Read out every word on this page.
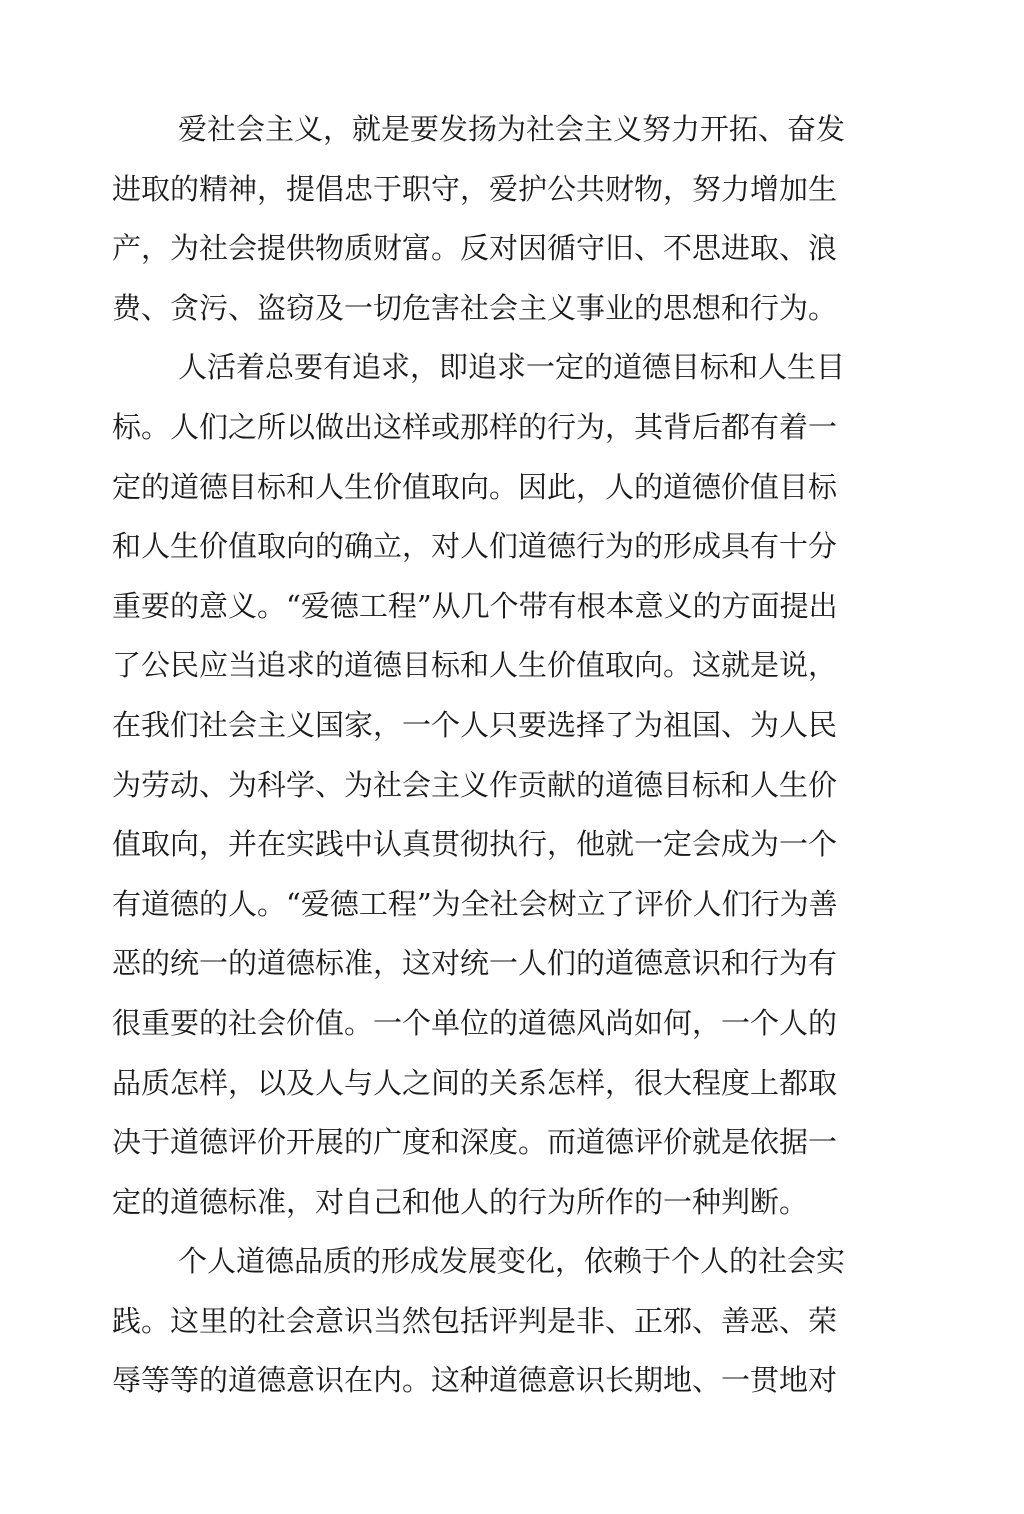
爱社会主义，就是要发扬为社会主义努力开拓、奋发
进取的精神，提倡忠于职守，爱护公共财物，努力增加生
产，为社会提供物质财富。反对因循守旧、不思进取、浪
费、贪污、盗窃及一切危害社会主义事业的思想和行为。
人活着总要有追求，即追求一定的道德目标和人生目
标。人们之所以做出这样或那样的行为，其背后都有着一
定的道德目标和人生价值取向。因此，人的道德价值目标
和人生价值取向的确立，对人们道德行为的形成具有十分
重要的意义。“爱德工程”从几个带有根本意义的方面提出
了公民应当追求的道德目标和人生价值取向。这就是说，
在我们社会主义国家，一个人只要选择了为祖国、为人民
为劳动、为科学、为社会主义作贡献的道德目标和人生价
值取向，并在实践中认真贯彻执行，他就一定会成为一个
有道德的人。“爱德工程”为全社会树立了评价人们行为善
恶的统一的道德标准，这对统一人们的道德意识和行为有
很重要的社会价值。一个单位的道德风尚如何，一个人的
品质怎样，以及人与人之间的关系怎样，很大程度上都取
决于道德评价开展的广度和深度。而道德评价就是依据一
定的道德标准，对自己和他人的行为所作的一种判断。
个人道德品质的形成发展变化，依赖于个人的社会实
践。这里的社会意识当然包括评判是非、正邪、善恶、荣
辱等等的道德意识在内。这种道德意识长期地、一贯地对
